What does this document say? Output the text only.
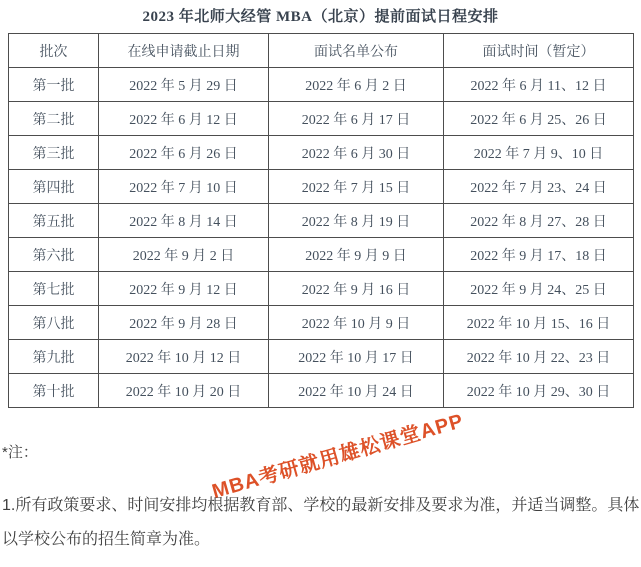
2023 年北师大经管 MBA（北京）提前面试日程安排
批次	在线申请截止日期	面试名单公布	面试时间（暂定）
第一批	2022 年 5 月 29 日	2022 年 6 月 2 日	2022 年 6 月 11、12 日
第二批	2022 年 6 月 12 日	2022 年 6 月 17 日	2022 年 6 月 25、26 日
第三批	2022 年 6 月 26 日	2022 年 6 月 30 日	2022 年 7 月 9、10 日
第四批	2022 年 7 月 10 日	2022 年 7 月 15 日	2022 年 7 月 23、24 日
第五批	2022 年 8 月 14 日	2022 年 8 月 19 日	2022 年 8 月 27、28 日
第六批	2022 年 9 月 2 日	2022 年 9 月 9 日	2022 年 9 月 17、18 日
第七批	2022 年 9 月 12 日	2022 年 9 月 16 日	2022 年 9 月 24、25 日
第八批	2022 年 9 月 28 日	2022 年 10 月 9 日	2022 年 10 月 15、16 日
第九批	2022 年 10 月 12 日	2022 年 10 月 17 日	2022 年 10 月 22、23 日
第十批	2022 年 10 月 20 日	2022 年 10 月 24 日	2022 年 10 月 29、30 日
MBA考研就用雄松课堂APP
*注：
1.所有政策要求、时间安排均根据教育部、学校的最新安排及要求为准，并适当调整。具体
以学校公布的招生简章为准。
